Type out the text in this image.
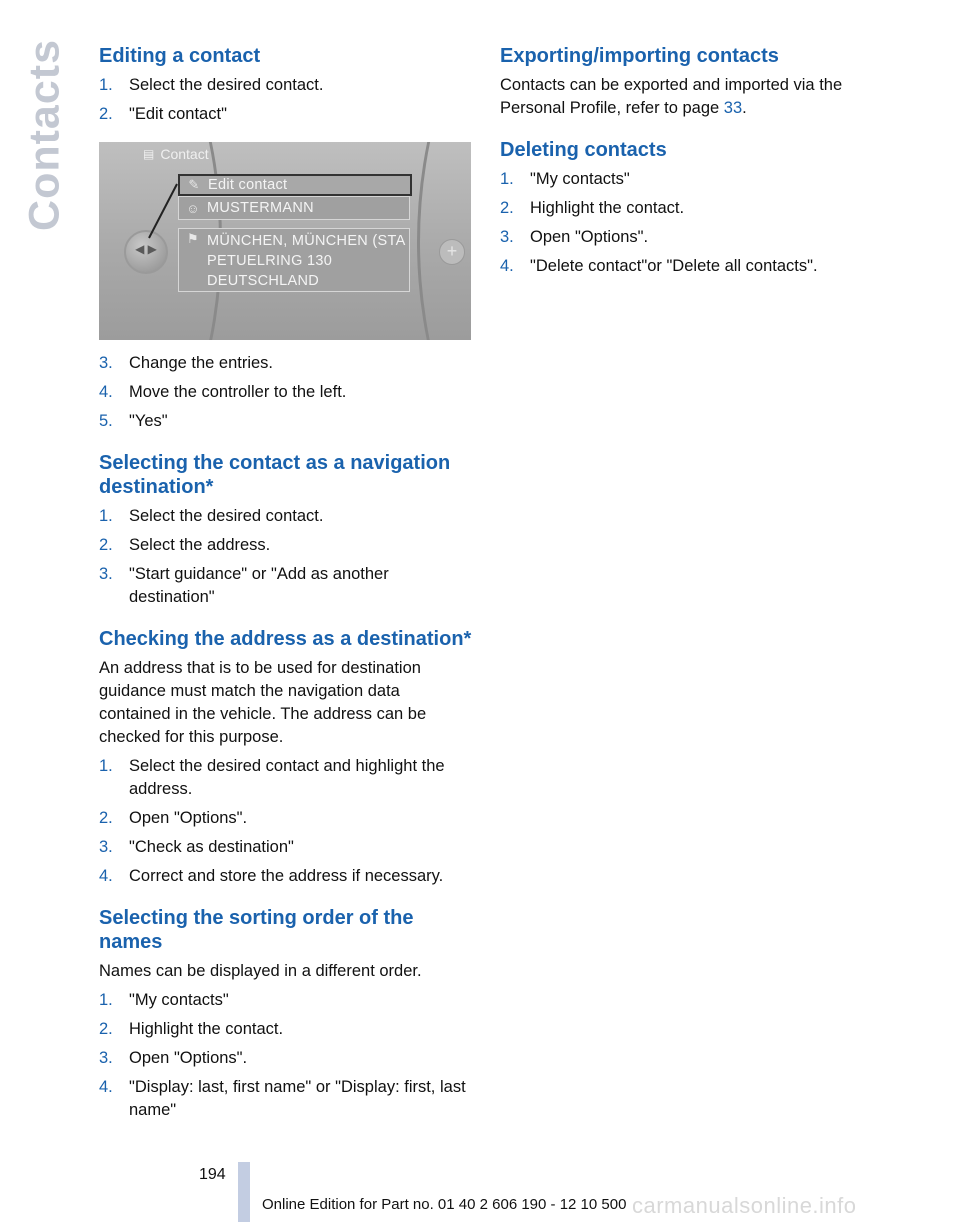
Contacts Editing a contact
1. Select the desired contact.
2. "Edit contact"
▤ Contact
✎ Edit contact
☺ MUSTERMANN
⚑ MÜNCHEN, MÜNCHEN (STA
PETUELRING 130
DEUTSCHLAND
◀ ▶	+
3. Change the entries.
4. Move the controller to the left.
5. "Yes"
Selecting the contact as a navigation destination*
1. Select the desired contact.
2. Select the address.
3. "Start guidance" or "Add as another destination"
Checking the address as a destination*

An address that is to be used for destination guidance must match the navigation data contained in the vehicle. The address can be checked for this purpose.

1. Select the desired contact and highlight the address.
2. Open "Options".
3. "Check as destination"
4. Correct and store the address if necessary.
Selecting the sorting order of the names

Names can be displayed in a different order.

1. "My contacts"
2. Highlight the contact.
3. Open "Options".
4. "Display: last, first name" or "Display: first, last name"
Exporting/importing contacts

Contacts can be exported and imported via the Personal Profile, refer to page 33.

Deleting contacts
1. "My contacts"
2. Highlight the contact.
3. Open "Options".
4. "Delete contact"or "Delete all contacts".
194
Online Edition for Part no. 01 40 2 606 190 - 12 10 500 carmanualsonline.info
